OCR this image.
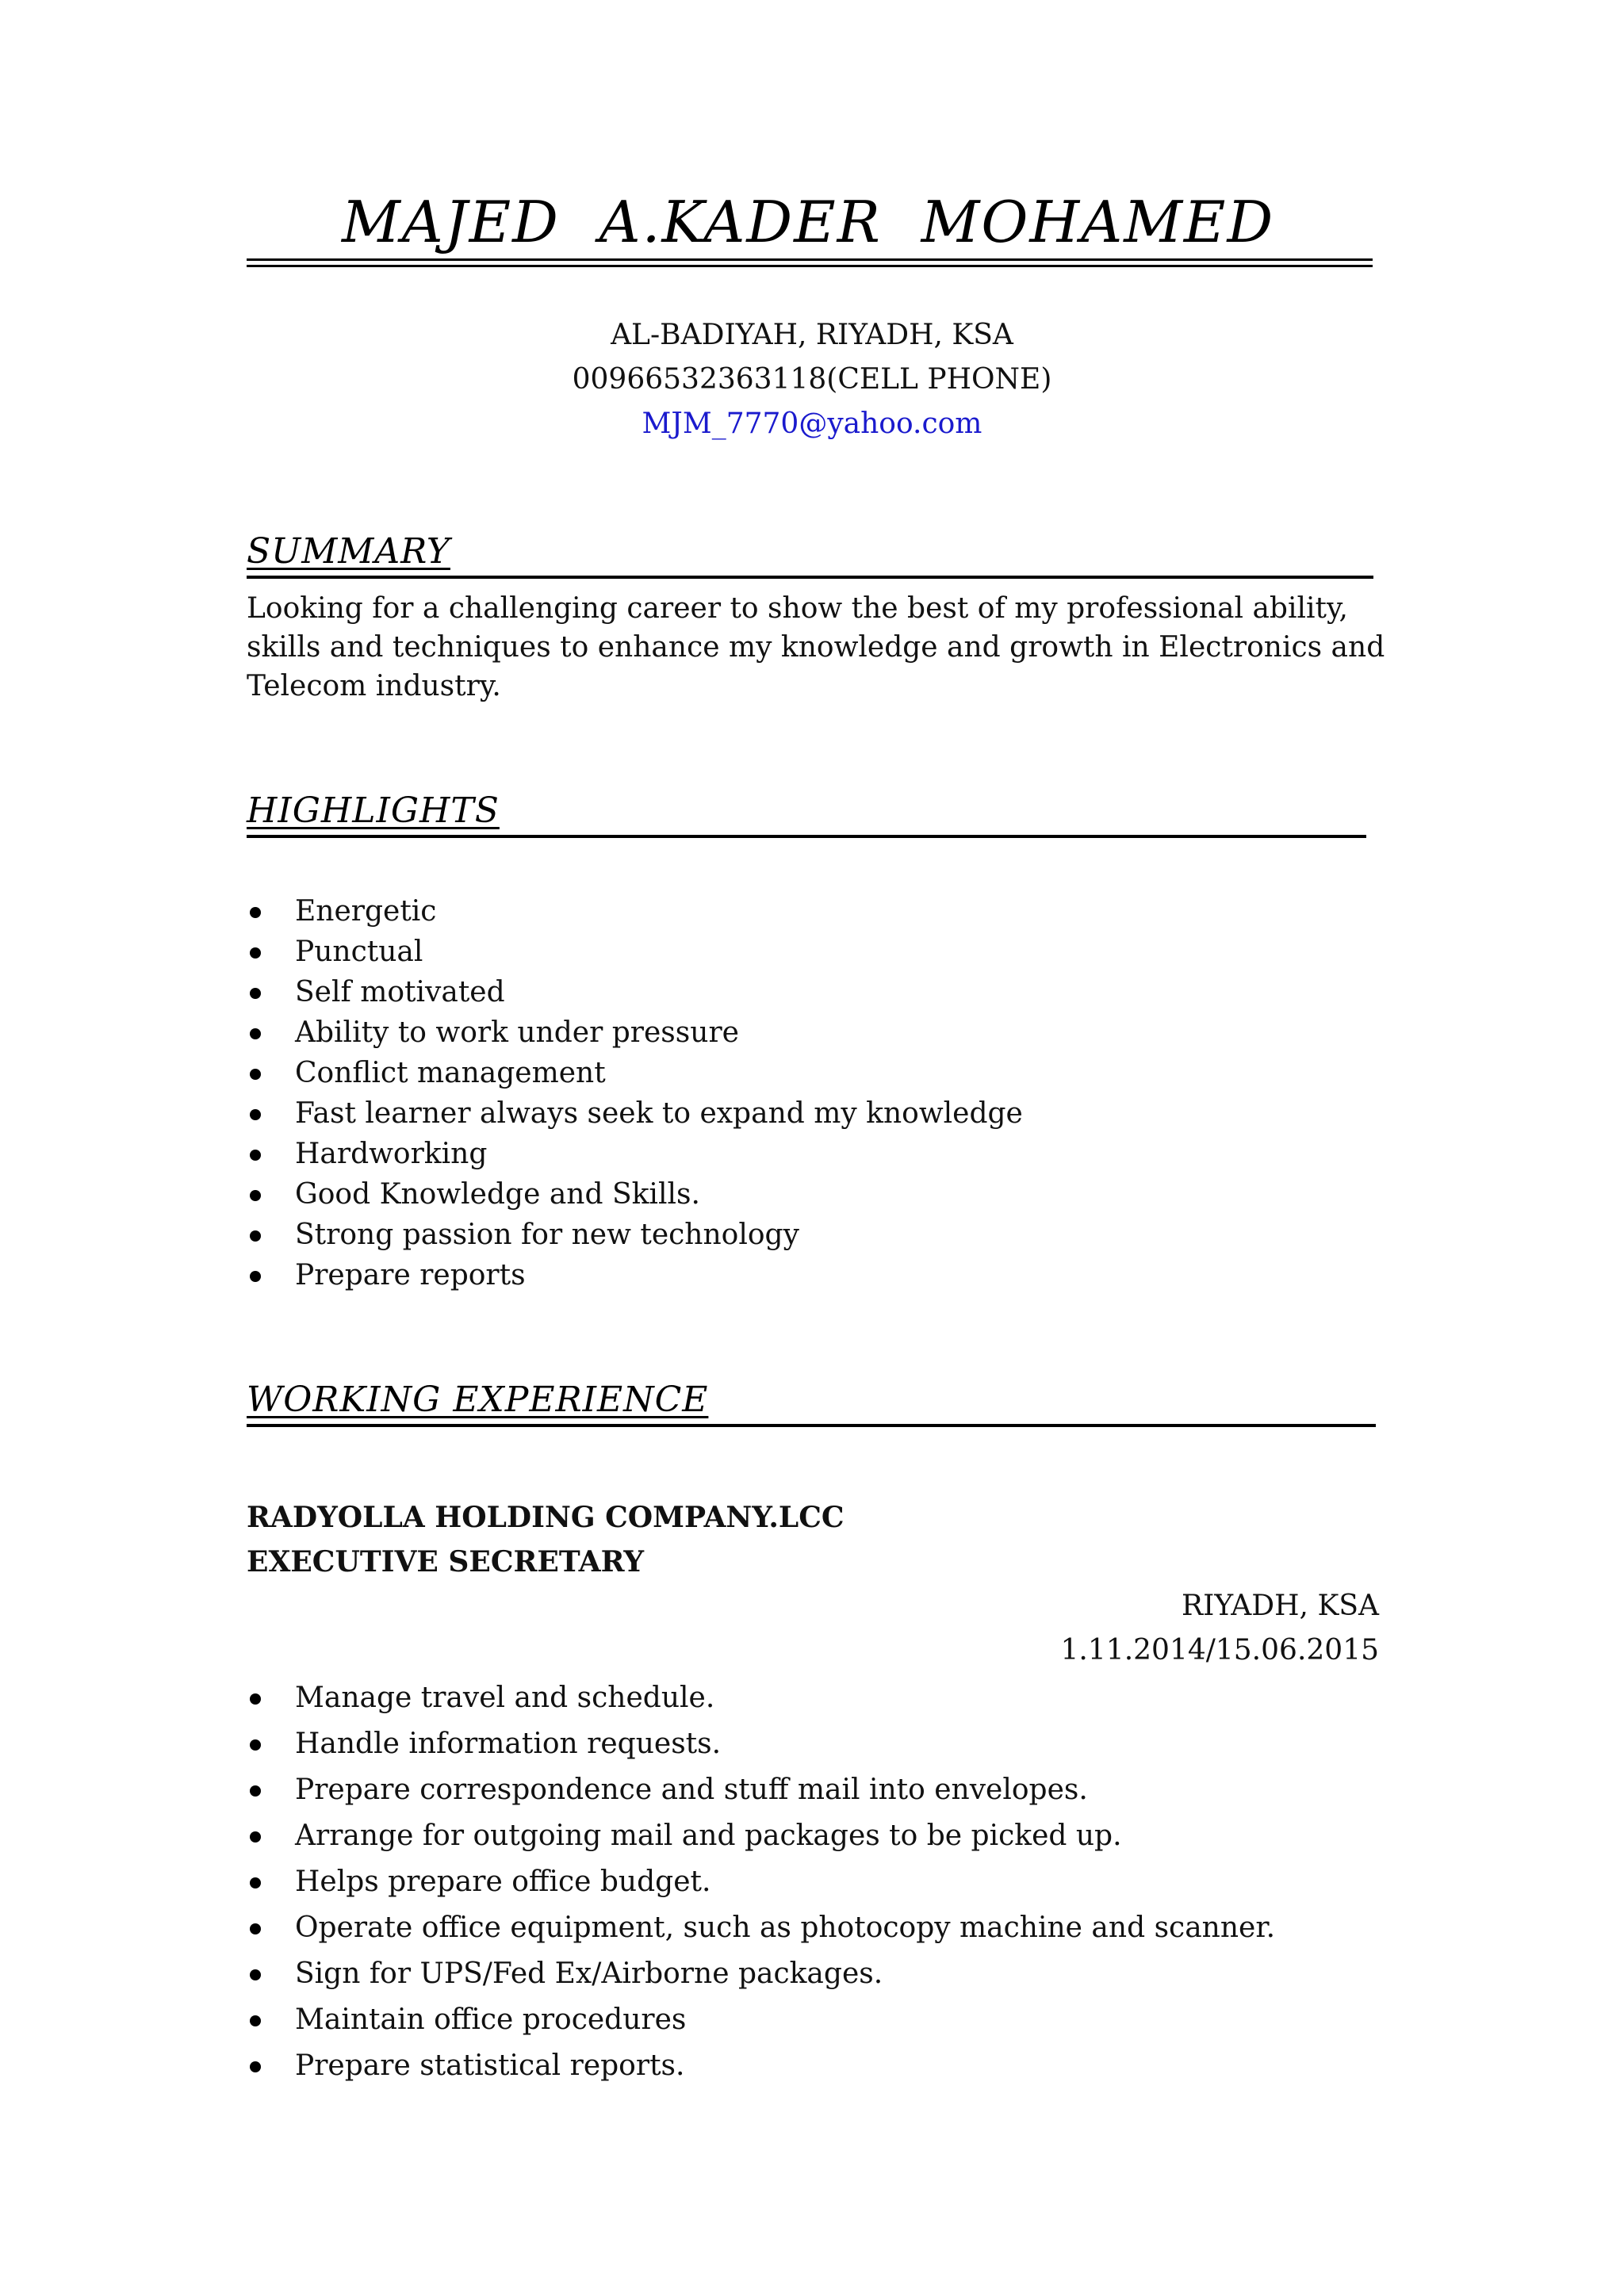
MAJED  A.KADER  MOHAMED
AL-BADIYAH, RIYADH, KSA
00966532363118(CELL PHONE)
MJM_7770@yahoo.com
SUMMARY
Looking for a challenging career to show the best of my professional ability, skills and techniques to enhance my knowledge and growth in Electronics and Telecom industry.
HIGHLIGHTS
Energetic
Punctual
Self motivated
Ability to work under pressure
Conflict management
Fast learner always seek to expand my knowledge
Hardworking
Good Knowledge and Skills.
Strong passion for new technology
Prepare reports
WORKING EXPERIENCE
RADYOLLA HOLDING COMPANY.LCC
EXECUTIVE SECRETARY
RIYADH, KSA
1.11.2014/15.06.2015
Manage travel and schedule.
Handle information requests.
Prepare correspondence and stuff mail into envelopes.
Arrange for outgoing mail and packages to be picked up.
Helps prepare office budget.
Operate office equipment, such as photocopy machine and scanner.
Sign for UPS/Fed Ex/Airborne packages.
Maintain office procedures
Prepare statistical reports.
